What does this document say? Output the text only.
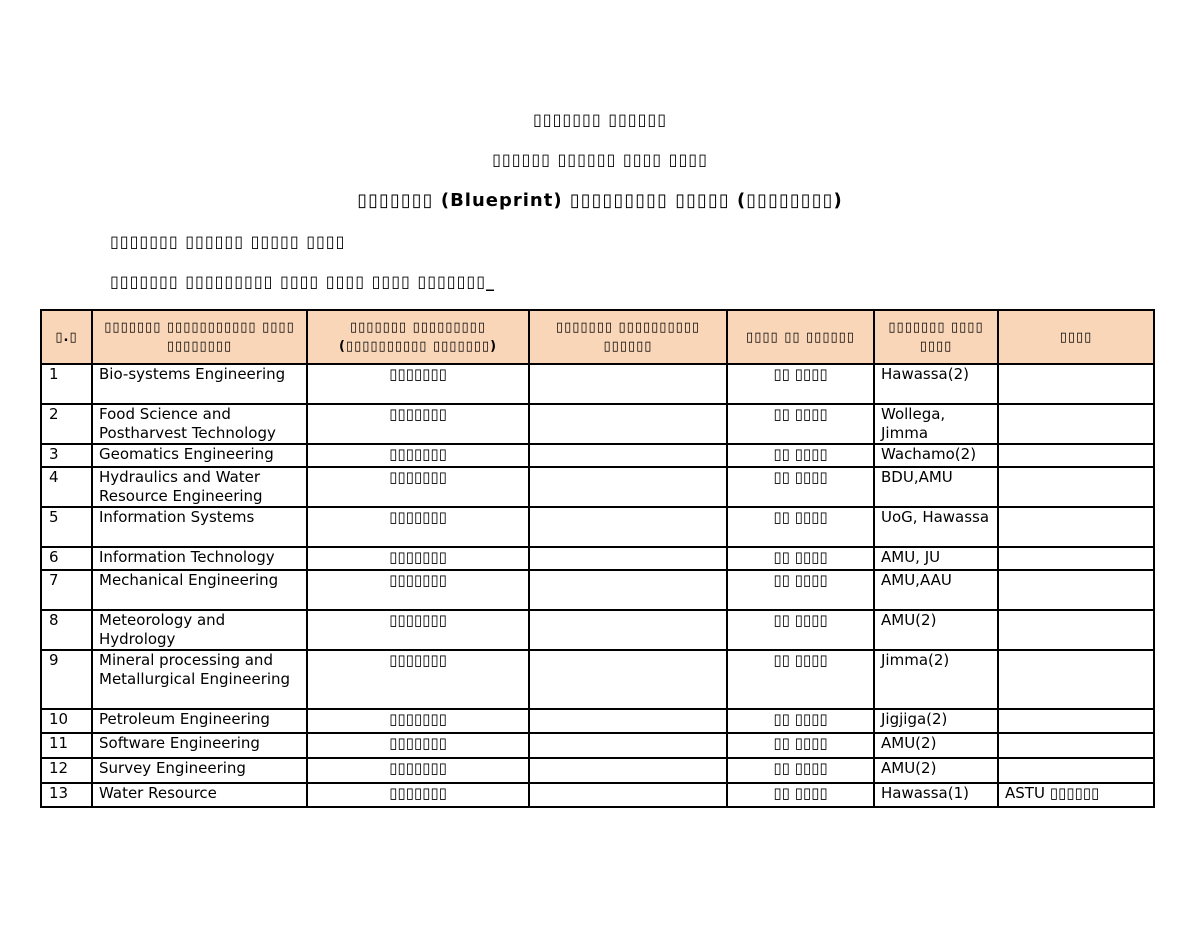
▯▯▯▯▯▯▯ ▯▯▯▯▯▯
▯▯▯▯▯▯ ▯▯▯▯▯▯ ▯▯▯▯ ▯▯▯▯
▯▯▯▯▯▯▯ (Blueprint) ▯▯▯▯▯▯▯▯▯ ▯▯▯▯▯ (▯▯▯▯▯▯▯▯)
▯▯▯▯▯▯▯ ▯▯▯▯▯▯ ▯▯▯▯▯ ▯▯▯▯
▯▯▯▯▯▯▯ ▯▯▯▯▯▯▯▯▯ ▯▯▯▯ ▯▯▯▯ ▯▯▯▯ ▯▯▯▯▯▯▯_
▯.▯	▯▯▯▯▯▯▯ ▯▯▯▯▯▯▯▯▯▯▯ ▯▯▯▯ ▯▯▯▯▯▯▯▯	▯▯▯▯▯▯▯ ▯▯▯▯▯▯▯▯▯ (▯▯▯▯▯▯▯▯▯▯ ▯▯▯▯▯▯▯)	▯▯▯▯▯▯▯ ▯▯▯▯▯▯▯▯▯▯ ▯▯▯▯▯▯	▯▯▯▯ ▯▯ ▯▯▯▯▯▯	▯▯▯▯▯▯▯ ▯▯▯▯ ▯▯▯▯	▯▯▯▯
1	Bio-systems Engineering	▯▯▯▯▯▯▯		▯▯ ▯▯▯▯	Hawassa(2)	
2	Food Science and Postharvest Technology	▯▯▯▯▯▯▯		▯▯ ▯▯▯▯	Wollega, Jimma	
3	Geomatics Engineering	▯▯▯▯▯▯▯		▯▯ ▯▯▯▯	Wachamo(2)	
4	Hydraulics and Water Resource Engineering	▯▯▯▯▯▯▯		▯▯ ▯▯▯▯	BDU,AMU	
5	Information Systems	▯▯▯▯▯▯▯		▯▯ ▯▯▯▯	UoG, Hawassa	
6	Information Technology	▯▯▯▯▯▯▯		▯▯ ▯▯▯▯	AMU, JU	
7	Mechanical Engineering	▯▯▯▯▯▯▯		▯▯ ▯▯▯▯	AMU,AAU	
8	Meteorology and Hydrology	▯▯▯▯▯▯▯		▯▯ ▯▯▯▯	AMU(2)	
9	Mineral processing and Metallurgical Engineering	▯▯▯▯▯▯▯		▯▯ ▯▯▯▯	Jimma(2)	
10	Petroleum Engineering	▯▯▯▯▯▯▯		▯▯ ▯▯▯▯	Jigjiga(2)	
11	Software Engineering	▯▯▯▯▯▯▯		▯▯ ▯▯▯▯	AMU(2)	
12	Survey Engineering	▯▯▯▯▯▯▯		▯▯ ▯▯▯▯	AMU(2)	
13	Water Resource	▯▯▯▯▯▯▯		▯▯ ▯▯▯▯	Hawassa(1)	ASTU ▯▯▯▯▯▯
